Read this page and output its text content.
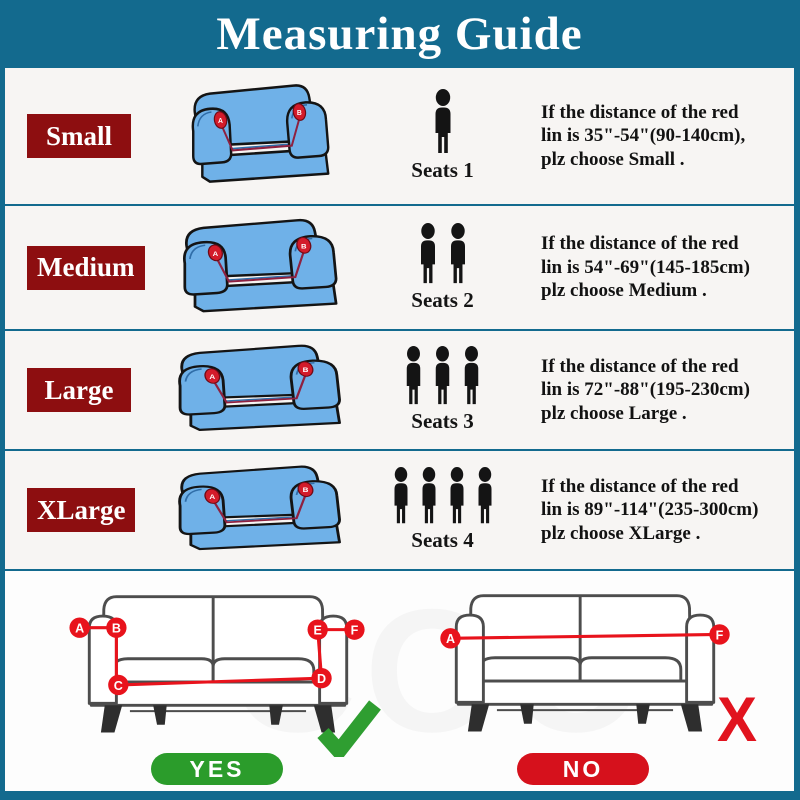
Measuring Guide
Small
Seats 1
If the distance of the red
lin is 35"-54"(90-140cm),
plz choose Small .
Medium
Seats 2
If the distance of the red
lin is 54"-69"(145-185cm)
plz choose Medium .
Large
Seats 3
If the distance of the red
lin is 72"-88"(195-230cm)
plz choose Large .
XLarge
Seats 4
If the distance of the red
lin is 89"-114"(235-300cm)
plz choose XLarge .
A B
C	D
E F
A	F
X
YES	NO
